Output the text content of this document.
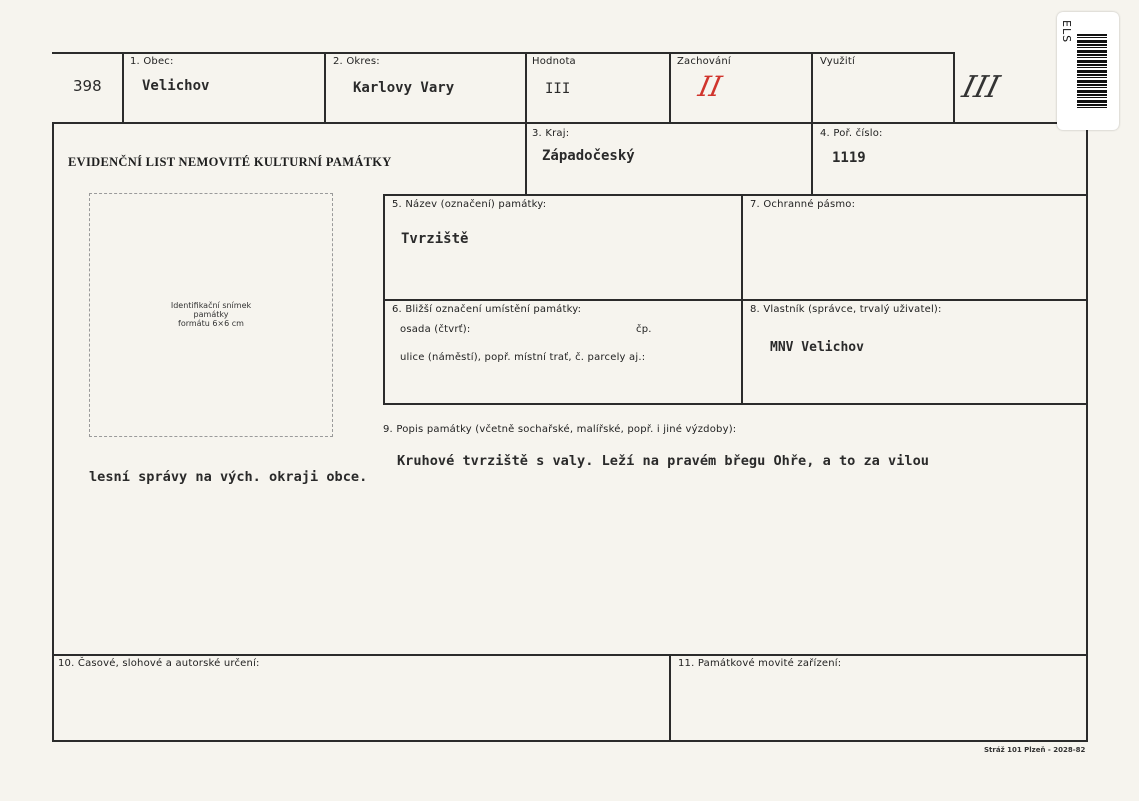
398
1. Obec:
Velichov
2. Okres:
Karlovy Vary
Hodnota
III
Zachování
II
Využití
III
EVIDENČNÍ LIST NEMOVITÉ KULTURNÍ PAMÁTKY
3. Kraj:
Západočeský
4. Poř. číslo:
1119
Identifikační snímek
památky
formátu 6×6 cm
5. Název (označení) památky:
Tvrziště
7. Ochranné pásmo:
6. Bližší označení umístění památky:
osada (čtvrť):	čp.
ulice (náměstí), popř. místní trať, č. parcely aj.:
8. Vlastník (správce, trvalý uživatel):
MNV Velichov
9. Popis památky (včetně sochařské, malířské, popř. i jiné výzdoby):
Kruhové tvrziště s valy. Leží na pravém břegu Ohře, a to za vilou
lesní správy na vých. okraji obce.
10. Časové, slohové a autorské určení:	11. Památkové movité zařízení:
Stráž 101 Plzeň - 2028-82
ELS
